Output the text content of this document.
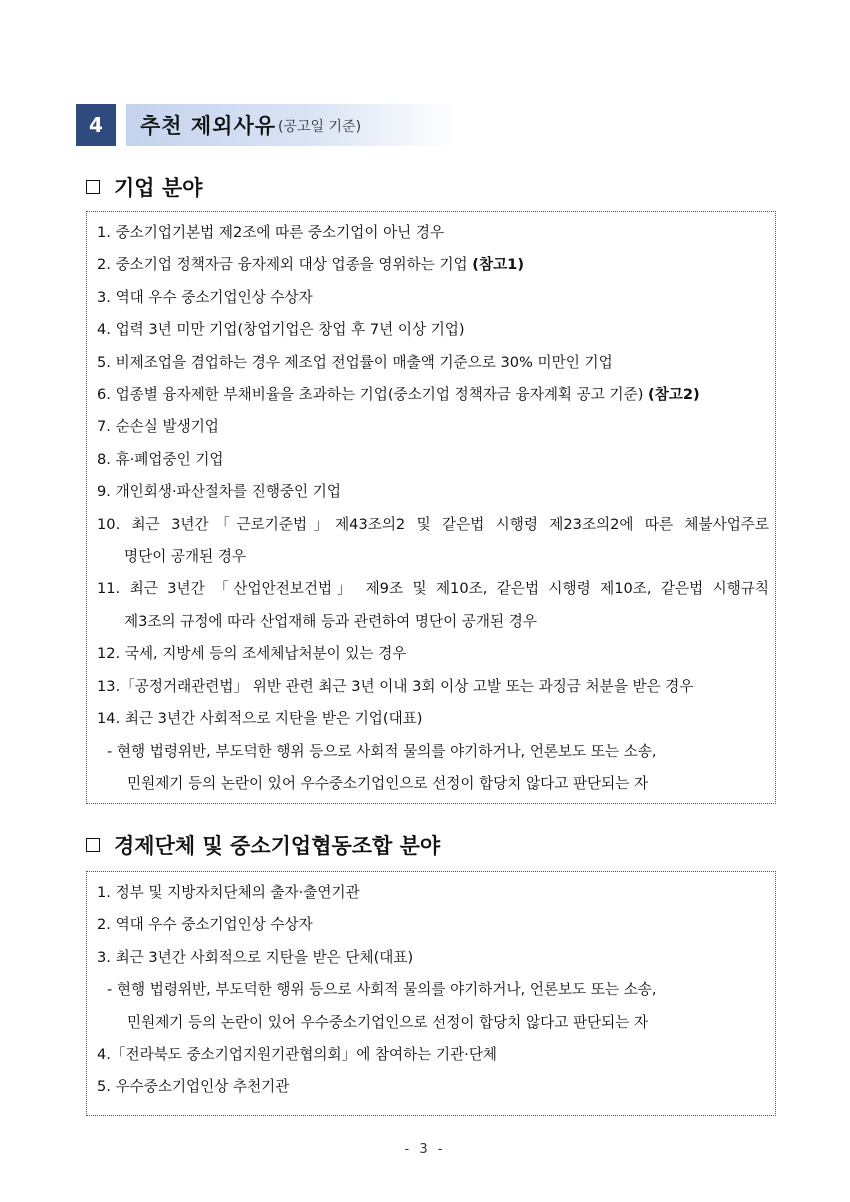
4	추천 제외사유 (공고일 기준)
기업 분야
1. 중소기업기본법 제2조에 따른 중소기업이 아닌 경우
2. 중소기업 정책자금 융자제외 대상 업종을 영위하는 기업 (참고1)
3. 역대 우수 중소기업인상 수상자
4. 업력 3년 미만 기업(창업기업은 창업 후 7년 이상 기업)
5. 비제조업을 겸업하는 경우 제조업 전업률이 매출액 기준으로 30% 미만인 기업
6. 업종별 융자제한 부채비율을 초과하는 기업(중소기업 정책자금 융자계획 공고 기준) (참고2)
7. 순손실 발생기업
8. 휴·폐업중인 기업
9. 개인회생·파산절차를 진행중인 기업
10. 최근 3년간「근로기준법」제43조의2 및 같은법 시행령 제23조의2에 따른 체불사업주로
명단이 공개된 경우
11. 최근 3년간 「산업안전보건법」 제9조 및 제10조, 같은법 시행령 제10조, 같은법 시행규칙
제3조의 규정에 따라 산업재해 등과 관련하여 명단이 공개된 경우
12. 국세, 지방세 등의 조세체납처분이 있는 경우
13.「공정거래관련법」 위반 관련 최근 3년 이내 3회 이상 고발 또는 과징금 처분을 받은 경우
14. 최근 3년간 사회적으로 지탄을 받은 기업(대표)
- 현행 법령위반, 부도덕한 행위 등으로 사회적 물의를 야기하거나, 언론보도 또는 소송,
민원제기 등의 논란이 있어 우수중소기업인으로 선정이 합당치 않다고 판단되는 자
경제단체 및 중소기업협동조합 분야
1. 정부 및 지방자치단체의 출자·출연기관
2. 역대 우수 중소기업인상 수상자
3. 최근 3년간 사회적으로 지탄을 받은 단체(대표)
- 현행 법령위반, 부도덕한 행위 등으로 사회적 물의를 야기하거나, 언론보도 또는 소송,
민원제기 등의 논란이 있어 우수중소기업인으로 선정이 합당치 않다고 판단되는 자
4.「전라북도 중소기업지원기관협의회」에 참여하는 기관·단체
5. 우수중소기업인상 추천기관
- 3 -
